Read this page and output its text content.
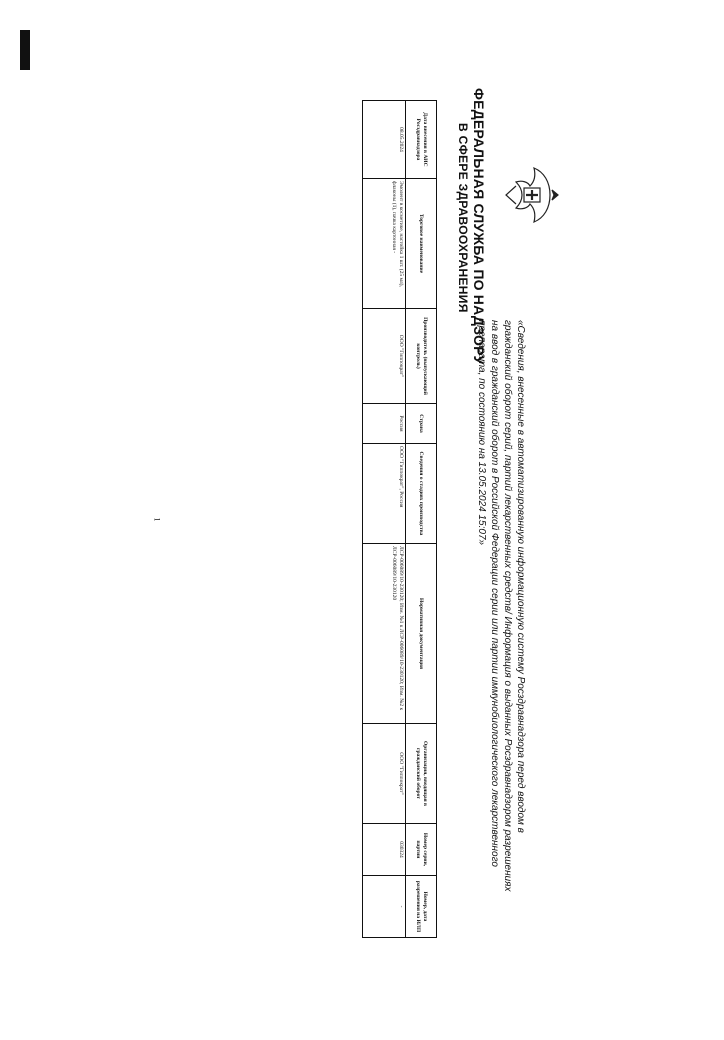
ФЕДЕРАЛЬНАЯ СЛУЖБА ПО НАДЗОРУ
В СФЕРЕ ЗДРАВООХРАНЕНИЯ
«Сведения, внесенные в автоматизированную информационную систему Росздравнадзора перед вводом в
гражданский оборот серий, партий лекарственных средств/ Информация о выданных Росздравнадзором разрешениях
на ввод в гражданский оборот в Российской Федерации серии или партии иммунобиологического лекарственного
препарата, по состоянию на 13.05.2024 15:07»
Дата внесения в АИС Росздравнадзора	Торговое наименование	Производитель (выпускающий контроль)	Страна	Сведения о стадиях производства	Нормативная документация	Организация, вводящая в гражданский оборот	Номер серии, партии	Номер, дата разрешения на ИЛП
08.05.2024	Эмолент в косметике, настойка 1 шт. (25 мл), флаконы (1), пачка картонная -	ООО "Гиппократ"	Россия	ООО "Гиппократ", Россия	ЛСР-006089/10-230120; Изм. №1 к ЛСР-006089/10-230120; Изм. №2 к ЛСР-006089/10-230120	ООО "Гиппократ"	030324	-
1
